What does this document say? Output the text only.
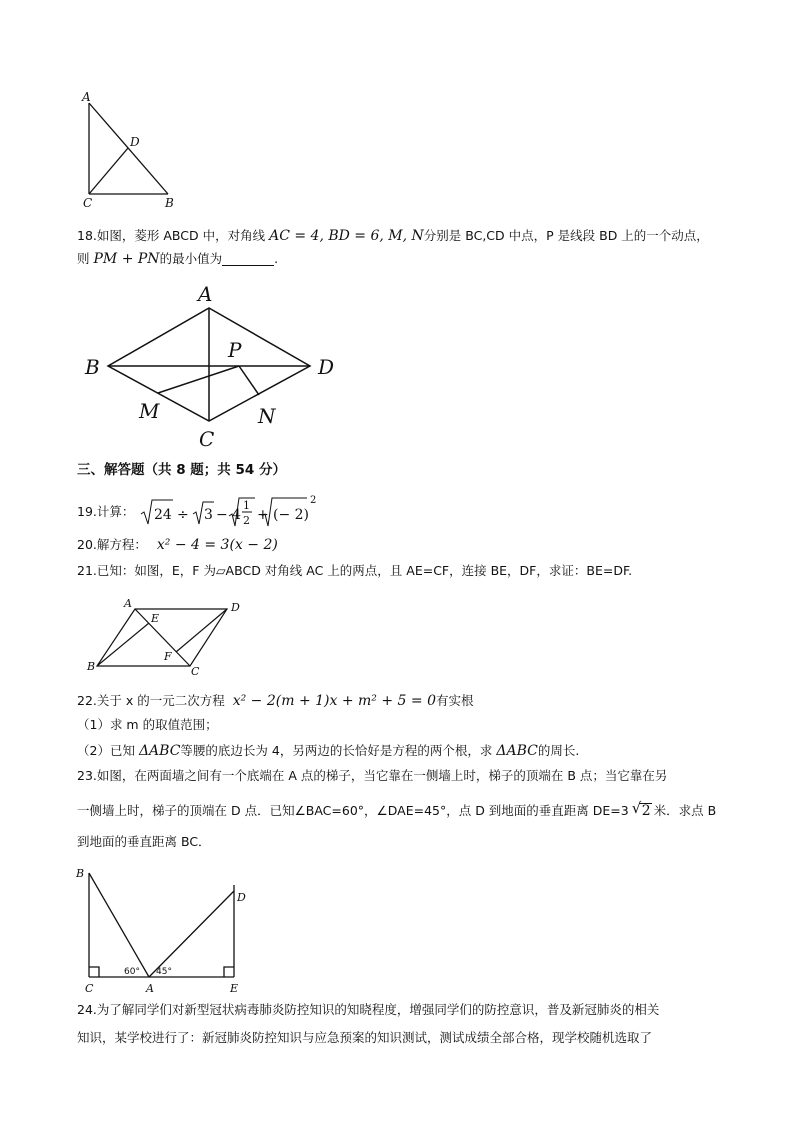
A
D
C	B
18.如图，菱形 ABCD 中，对角线 AC = 4, BD = 6, M, N分别是 BC,CD 中点，P 是线段 BD 上的一个动点，
则 PM + PN的最小值为	.
A
B
P
D
M	N
C
三、解答题（共 8 题；共 54 分）
19.计算： 24 ÷ 3 − 4
1
2 + (− 2)
2
20.解方程： x² − 4 = 3(x − 2)
21.已知：如图，E，F 为▱ABCD 对角线 AC 上的两点，且 AE=CF，连接 BE，DF，求证：BE=DF.
A
E
D
B
F
C
22.关于 x 的一元二次方程 x² − 2(m + 1)x + m² + 5 = 0有实根
（1）求 m 的取值范围；
（2）已知 ΔABC等腰的底边长为 4，另两边的长恰好是方程的两个根，求 ΔABC的周长.
23.如图，在两面墙之间有一个底端在 A 点的梯子，当它靠在一侧墙上时，梯子的顶端在 B 点；当它靠在另
一侧墙上时，梯子的顶端在 D 点．已知∠BAC=60°，∠DAE=45°，点 D 到地面的垂直距离 DE=3 √ 2 米．求点 B
到地面的垂直距离 BC．
B
D
C	A	E
60° 45°
24.为了解同学们对新型冠状病毒肺炎防控知识的知晓程度，增强同学们的防控意识，普及新冠肺炎的相关
知识，某学校进行了：新冠肺炎防控知识与应急预案的知识测试，测试成绩全部合格，现学校随机选取了
